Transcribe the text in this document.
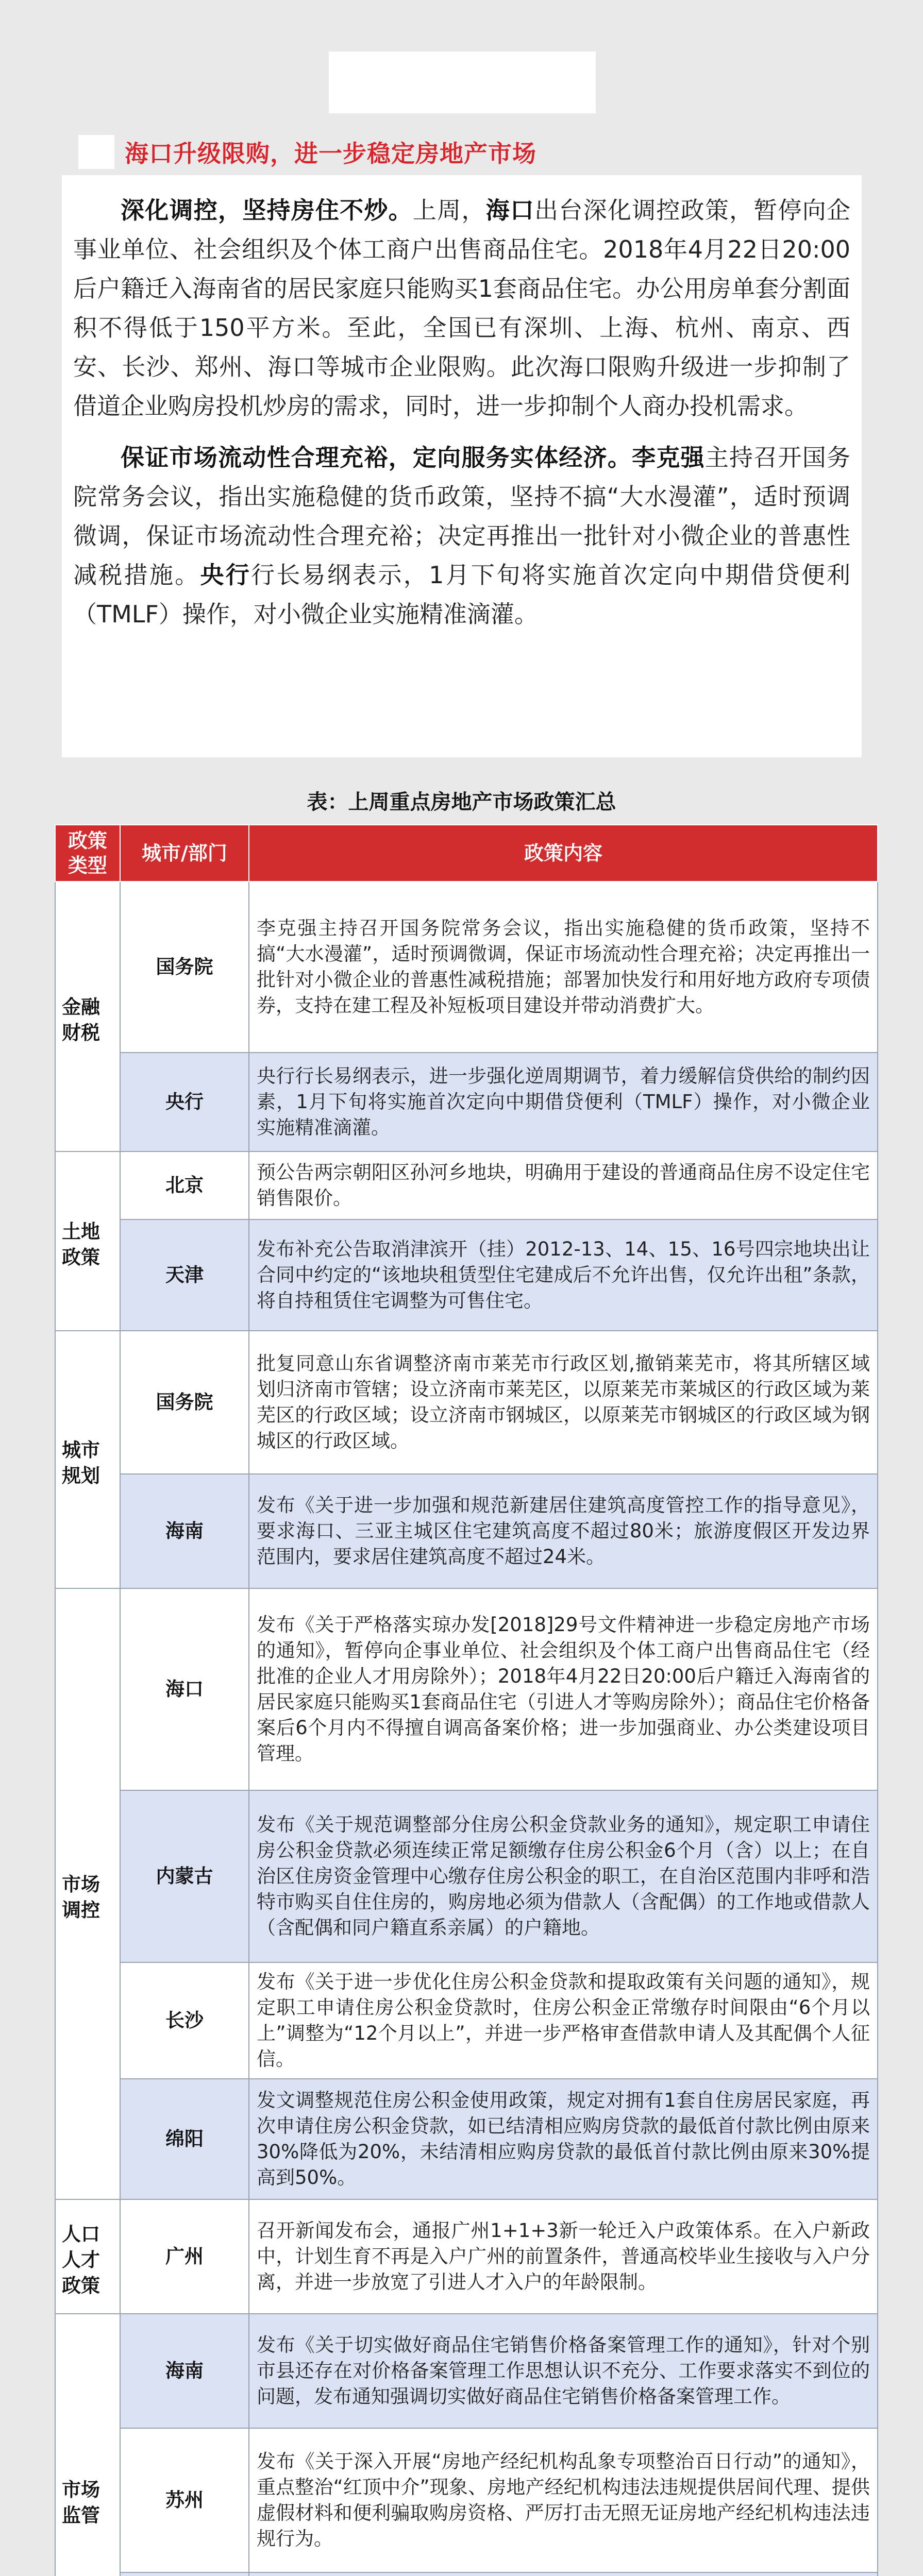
海口升级限购，进一步稳定房地产市场

深化调控，坚持房住不炒。上周，海口出台深化调控政策，暂停向企事业单位、社会组织及个体工商户出售商品住宅。2018年4月22日20:00后户籍迁入海南省的居民家庭只能购买1套商品住宅。办公用房单套分割面积不得低于150平方米。至此，全国已有深圳、上海、杭州、南京、西安、长沙、郑州、海口等城市企业限购。此次海口限购升级进一步抑制了借道企业购房投机炒房的需求，同时，进一步抑制个人商办投机需求。

保证市场流动性合理充裕，定向服务实体经济。李克强主持召开国务院常务会议，指出实施稳健的货币政策，坚持不搞“大水漫灌”，适时预调微调，保证市场流动性合理充裕；决定再推出一批针对小微企业的普惠性减税措施。央行行长易纲表示，1月下旬将实施首次定向中期借贷便利（TMLF）操作，对小微企业实施精准滴灌。

表：上周重点房地产市场政策汇总
政策类型	城市/部门	政策内容
金融财税	国务院	李克强主持召开国务院常务会议，指出实施稳健的货币政策，坚持不搞“大水漫灌”，适时预调微调，保证市场流动性合理充裕；决定再推出一批针对小微企业的普惠性减税措施；部署加快发行和用好地方政府专项债券，支持在建工程及补短板项目建设并带动消费扩大。
	央行	央行行长易纲表示，进一步强化逆周期调节，着力缓解信贷供给的制约因素，1月下旬将实施首次定向中期借贷便利（TMLF）操作，对小微企业实施精准滴灌。
土地政策	北京	预公告两宗朝阳区孙河乡地块，明确用于建设的普通商品住房不设定住宅销售限价。
	天津	发布补充公告取消津滨开（挂）2012-13、14、15、16号四宗地块出让合同中约定的“该地块租赁型住宅建成后不允许出售，仅允许出租”条款，将自持租赁住宅调整为可售住宅。
城市规划	国务院	批复同意山东省调整济南市莱芜市行政区划,撤销莱芜市，将其所辖区域划归济南市管辖；设立济南市莱芜区，以原莱芜市莱城区的行政区域为莱芜区的行政区域；设立济南市钢城区，以原莱芜市钢城区的行政区域为钢城区的行政区域。
	海南	发布《关于进一步加强和规范新建居住建筑高度管控工作的指导意见》，要求海口、三亚主城区住宅建筑高度不超过80米；旅游度假区开发边界范围内，要求居住建筑高度不超过24米。
市场调控	海口	发布《关于严格落实琼办发[2018]29号文件精神进一步稳定房地产市场的通知》，暂停向企事业单位、社会组织及个体工商户出售商品住宅（经批准的企业人才用房除外）；2018年4月22日20:00后户籍迁入海南省的居民家庭只能购买1套商品住宅（引进人才等购房除外）；商品住宅价格备案后6个月内不得擅自调高备案价格；进一步加强商业、办公类建设项目管理。
	内蒙古	发布《关于规范调整部分住房公积金贷款业务的通知》，规定职工申请住房公积金贷款必须连续正常足额缴存住房公积金6个月（含）以上；在自治区住房资金管理中心缴存住房公积金的职工，在自治区范围内非呼和浩特市购买自住住房的，购房地必须为借款人（含配偶）的工作地或借款人（含配偶和同户籍直系亲属）的户籍地。
	长沙	发布《关于进一步优化住房公积金贷款和提取政策有关问题的通知》，规定职工申请住房公积金贷款时，住房公积金正常缴存时间限由“6个月以上”调整为“12个月以上”，并进一步严格审查借款申请人及其配偶个人征信。
	绵阳	发文调整规范住房公积金使用政策，规定对拥有1套自住房居民家庭，再次申请住房公积金贷款，如已结清相应购房贷款的最低首付款比例由原来30%降低为20%，未结清相应购房贷款的最低首付款比例由原来30%提高到50%。
人口人才政策	广州	召开新闻发布会，通报广州1+1+3新一轮迁入户政策体系。在入户新政中，计划生育不再是入户广州的前置条件，普通高校毕业生接收与入户分离，并进一步放宽了引进人才入户的年龄限制。
市场监管	海南	发布《关于切实做好商品住宅销售价格备案管理工作的通知》，针对个别市县还存在对价格备案管理工作思想认识不充分、工作要求落实不到位的问题，发布通知强调切实做好商品住宅销售价格备案管理工作。
	苏州	发布《关于深入开展“房地产经纪机构乱象专项整治百日行动”的通知》，重点整治“红顶中介”现象、房地产经纪机构违法违规提供居间代理、提供虚假材料和便利骗取购房资格、严厉打击无照无证房地产经纪机构违法违规行为。
